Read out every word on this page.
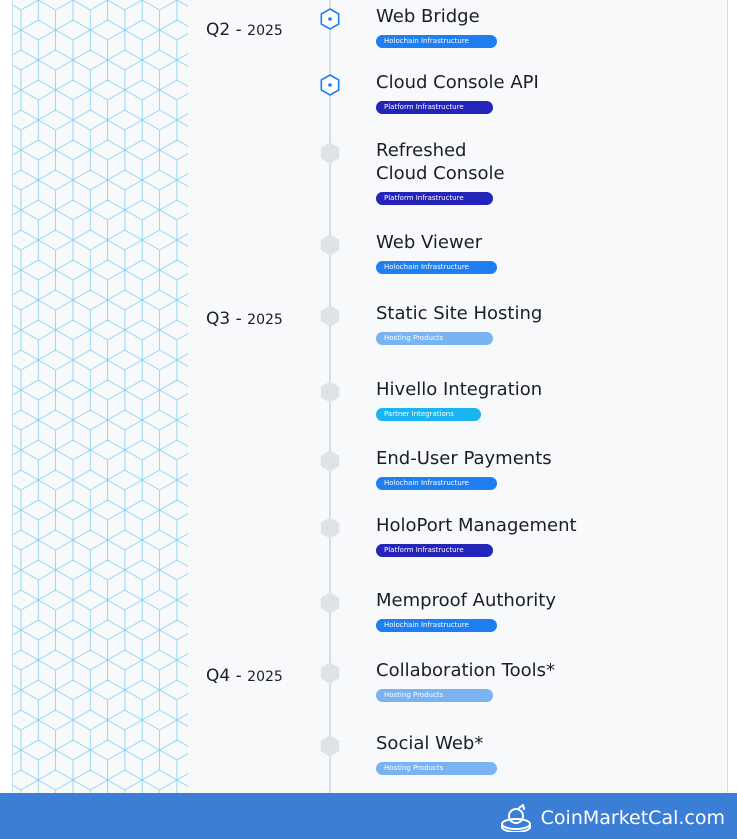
Q2 - 2025
Q3 - 2025
Q4 - 2025
Web Bridge
Holochain Infrastructure
Cloud Console API
Platform Infrastructure
Refreshed
Cloud Console
Platform Infrastructure
Web Viewer
Holochain Infrastructure
Static Site Hosting
Hosting Products
Hivello Integration
Partner Integrations
End-User Payments
Holochain Infrastructure
HoloPort Management
Platform Infrastructure
Memproof Authority
Holochain Infrastructure
Collaboration Tools*
Hosting Products
Social Web*
Hosting Products
CoinMarketCal.com
